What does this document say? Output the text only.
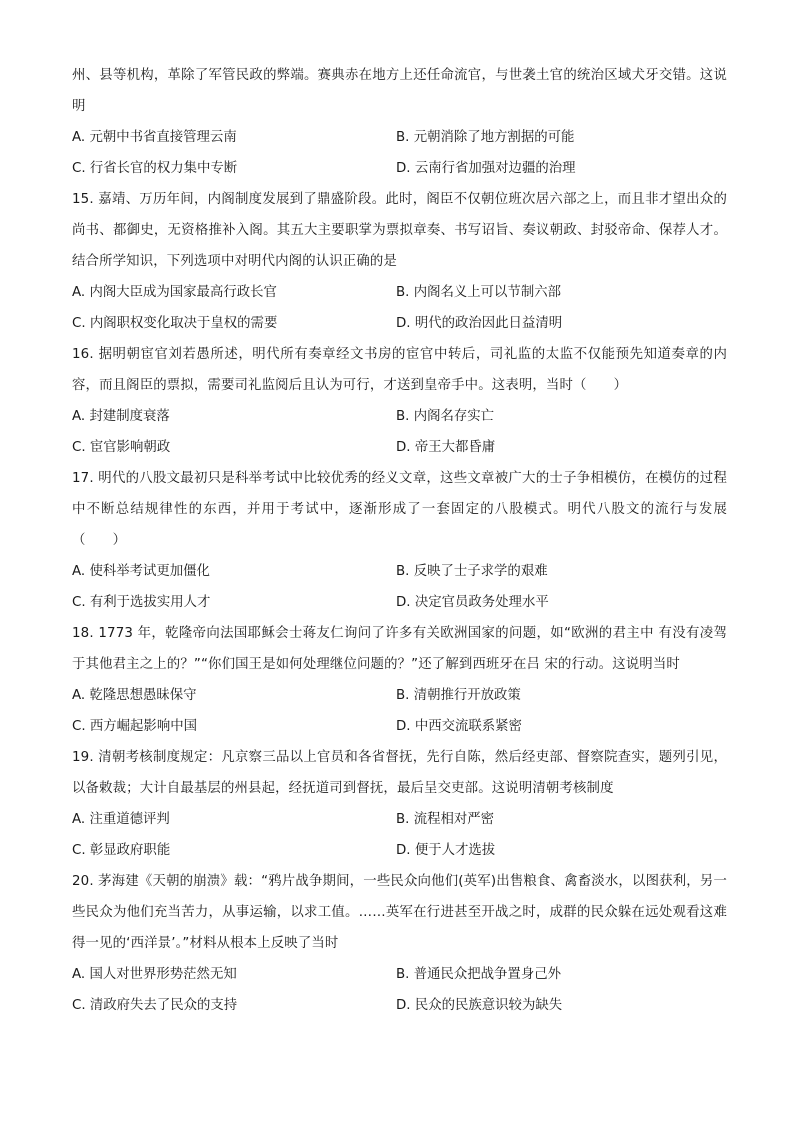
州、县等机构，革除了军管民政的弊端。赛典赤在地方上还任命流官，与世袭土官的统治区域犬牙交错。这说明

A. 元朝中书省直接管理云南	B. 元朝消除了地方割据的可能
C. 行省长官的权力集中专断	D. 云南行省加强对边疆的治理

15. 嘉靖、万历年间，内阁制度发展到了鼎盛阶段。此时，阁臣不仅朝位班次居六部之上，而且非才望出众的尚书、都御史，无资格推补入阁。其五大主要职掌为票拟章奏、书写诏旨、奏议朝政、封驳帝命、保荐人才。结合所学知识，下列选项中对明代内阁的认识正确的是

A. 内阁大臣成为国家最高行政长官	B. 内阁名义上可以节制六部
C. 内阁职权变化取决于皇权的需要	D. 明代的政治因此日益清明

16. 据明朝宦官刘若愚所述，明代所有奏章经文书房的宦官中转后，司礼监的太监不仅能预先知道奏章的内容，而且阁臣的票拟，需要司礼监阅后且认为可行，才送到皇帝手中。这表明，当时（　　）

A. 封建制度衰落	B. 内阁名存实亡
C. 宦官影响朝政	D. 帝王大都昏庸

17. 明代的八股文最初只是科举考试中比较优秀的经义文章，这些文章被广大的士子争相模仿，在模仿的过程中不断总结规律性的东西，并用于考试中，逐渐形成了一套固定的八股模式。明代八股文的流行与发展（　　）

A. 使科举考试更加僵化	B. 反映了士子求学的艰难
C. 有利于选拔实用人才	D. 决定官员政务处理水平

18. 1773 年，乾隆帝向法国耶稣会士蒋友仁询问了许多有关欧洲国家的问题，如“欧洲的君主中 有没有凌驾于其他君主之上的？”“你们国王是如何处理继位问题的？”还了解到西班牙在吕 宋的行动。这说明当时

A. 乾隆思想愚昧保守	B. 清朝推行开放政策
C. 西方崛起影响中国	D. 中西交流联系紧密

19. 清朝考核制度规定：凡京察三品以上官员和各省督抚，先行自陈，然后经吏部、督察院查实，题列引见，以备敕裁；大计自最基层的州县起，经抚道司到督抚，最后呈交吏部。这说明清朝考核制度

A. 注重道德评判	B. 流程相对严密
C. 彰显政府职能	D. 便于人才选拔

20. 茅海建《天朝的崩溃》载：“鸦片战争期间，一些民众向他们(英军)出售粮食、禽畜淡水，以图获利，另一些民众为他们充当苦力，从事运输，以求工值。……英军在行进甚至开战之时，成群的民众躲在远处观看这难得一见的‘西洋景’。”材料从根本上反映了当时

A. 国人对世界形势茫然无知	B. 普通民众把战争置身己外
C. 清政府失去了民众的支持	D. 民众的民族意识较为缺失
